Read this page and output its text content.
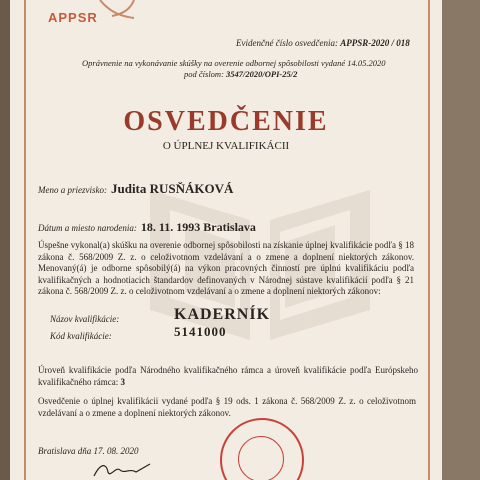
APPSR
Evidenčné číslo osvedčenia: APPSR-2020 / 018
Oprávnenie na vykonávanie skúšky na overenie odbornej spôsobilosti vydané 14.05.2020
pod číslom: 3547/2020/OPI-25/2
OSVEDČENIE
O ÚPLNEJ KVALIFIKÁCII
Meno a priezvisko: Judita RUSŇÁKOVÁ
Dátum a miesto narodenia: 18. 11. 1993 Bratislava
Úspešne vykonal(a) skúšku na overenie odbornej spôsobilosti na získanie úplnej kvalifikácie podľa § 18 zákona č. 568/2009 Z. z. o celoživotnom vzdelávaní a o zmene a doplnení niektorých zákonov. Menovaný(á) je odborne spôsobilý(á) na výkon pracovných činností pre úplnú kvalifikáciu podľa kvalifikačných a hodnotiacich štandardov definovaných v Národnej sústave kvalifikácií podľa § 21 zákona č. 568/2009 Z. z. o celoživotnom vzdelávaní a o zmene a doplnení niektorých zákonov:
Názov kvalifikácie:	KADERNÍK
Kód kvalifikácie:	5141000
Úroveň kvalifikácie podľa Národného kvalifikačného rámca a úroveň kvalifikácie podľa Európskeho kvalifikačného rámca: 3
Osvedčenie o úplnej kvalifikácii vydané podľa § 19 ods. 1 zákona č. 568/2009 Z. z. o celoživotnom vzdelávaní a o zmene a doplnení niektorých zákonov.
Bratislava dňa 17. 08. 2020
